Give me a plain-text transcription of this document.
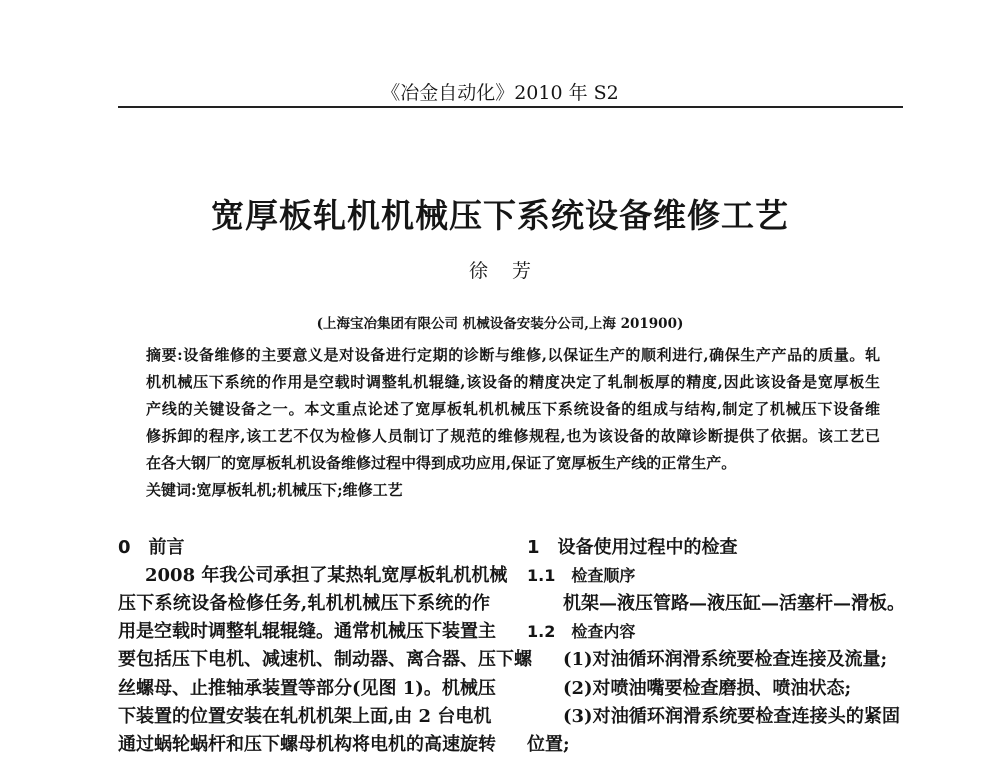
《冶金自动化》2010 年 S2
宽厚板轧机机械压下系统设备维修工艺
徐 芳
(上海宝冶集团有限公司 机械设备安装分公司,上海 201900)
摘要:设备维修的主要意义是对设备进行定期的诊断与维修,以保证生产的顺利进行,确保生产产品的质量。轧
机机械压下系统的作用是空载时调整轧机辊缝,该设备的精度决定了轧制板厚的精度,因此该设备是宽厚板生
产线的关键设备之一。本文重点论述了宽厚板轧机机械压下系统设备的组成与结构,制定了机械压下设备维
修拆卸的程序,该工艺不仅为检修人员制订了规范的维修规程,也为该设备的故障诊断提供了依据。该工艺已
在各大钢厂的宽厚板轧机设备维修过程中得到成功应用,保证了宽厚板生产线的正常生产。
关键词:宽厚板轧机;机械压下;维修工艺
0　前言
2008 年我公司承担了某热轧宽厚板轧机机械
压下系统设备检修任务,轧机机械压下系统的作
用是空载时调整轧辊辊缝。通常机械压下装置主
要包括压下电机、减速机、制动器、离合器、压下螺
丝螺母、止推轴承装置等部分(见图 1)。机械压
下装置的位置安装在轧机机架上面,由 2 台电机
通过蜗轮蜗杆和压下螺母机构将电机的高速旋转
1　设备使用过程中的检查
1.1　检查顺序
机架—液压管路—液压缸—活塞杆—滑板。
1.2　检查内容
(1)对油循环润滑系统要检查连接及流量;
(2)对喷油嘴要检查磨损、喷油状态;
(3)对油循环润滑系统要检查连接头的紧固
位置;
